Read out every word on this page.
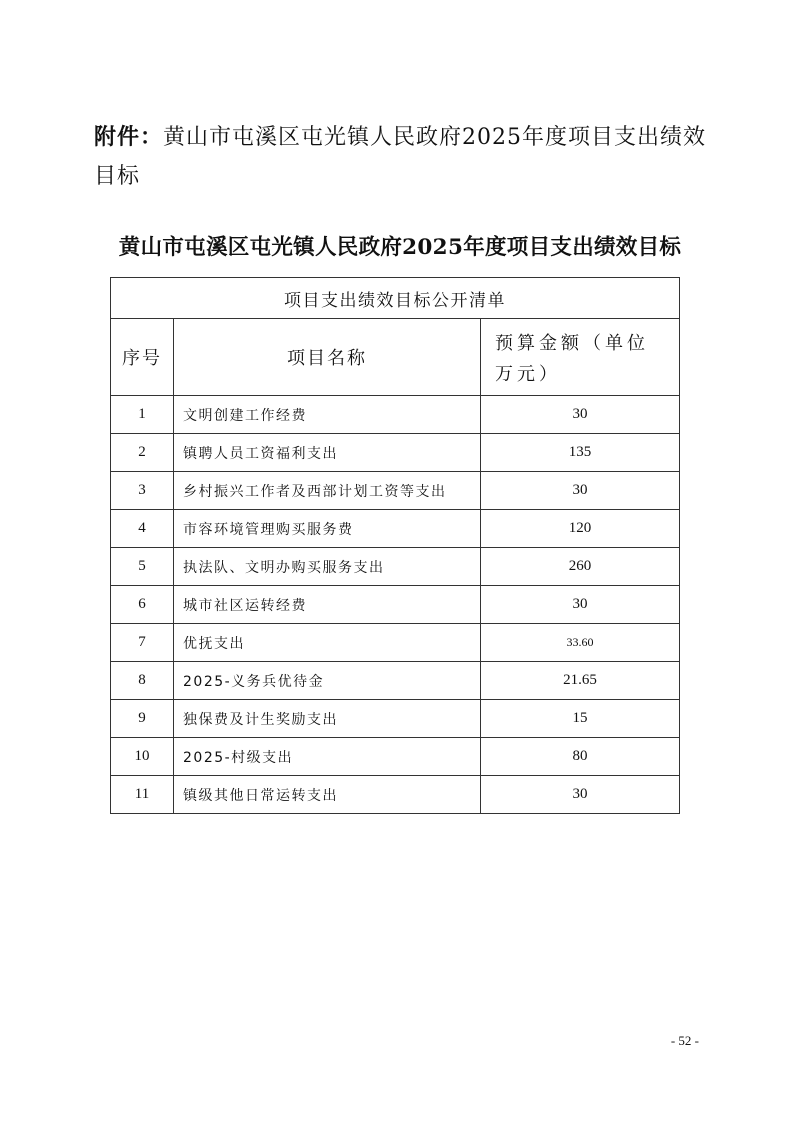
附件：黄山市屯溪区屯光镇人民政府2025年度项目支出绩效目标
黄山市屯溪区屯光镇人民政府2025年度项目支出绩效目标
项目支出绩效目标公开清单		
序号	项目名称	预算金额（单位万元）
1	文明创建工作经费	30
2	镇聘人员工资福利支出	135
3	乡村振兴工作者及西部计划工资等支出	30
4	市容环境管理购买服务费	120
5	执法队、文明办购买服务支出	260
6	城市社区运转经费	30
7	优抚支出	33.60
8	2025-义务兵优待金	21.65
9	独保费及计生奖励支出	15
10	2025-村级支出	80
11	镇级其他日常运转支出	30
- 52 -
